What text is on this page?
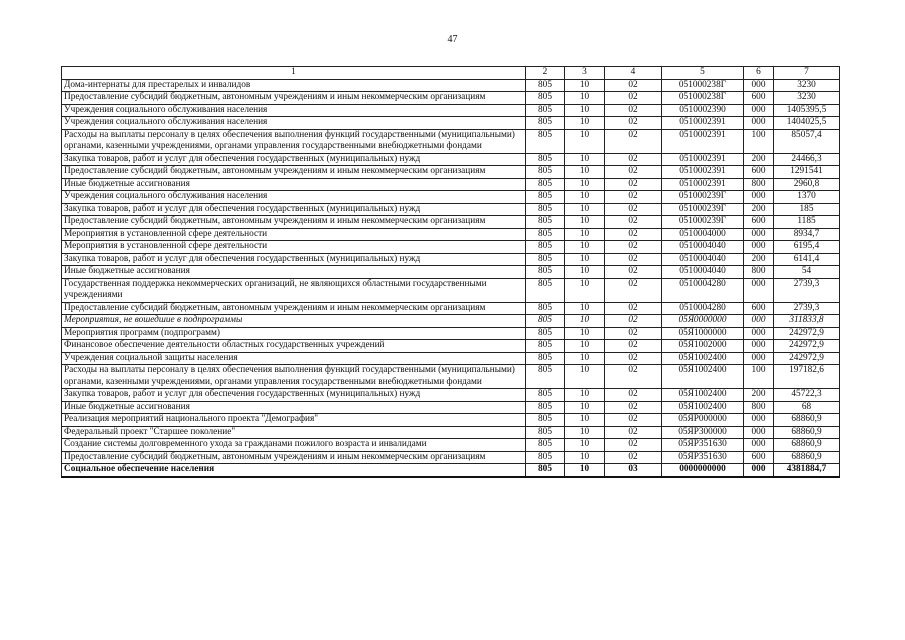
47
1	2	3	4	5	6	7
Дома-интернаты для престарелых и инвалидов	805	10	02	051000238Г	000	3230
Предоставление субсидий бюджетным, автономным учреждениям и иным некоммерческим организациям	805	10	02	051000238Г	600	3230
Учреждения социального обслуживания населения	805	10	02	0510002390	000	1405395,5
Учреждения социального обслуживания населения	805	10	02	0510002391	000	1404025,5
Расходы на выплаты персоналу в целях обеспечения выполнения функций государственными (муниципальными) органами, казенными учреждениями, органами управления государственными внебюджетными фондами	805	10	02	0510002391	100	85057,4
Закупка товаров, работ и услуг для обеспечения государственных (муниципальных) нужд	805	10	02	0510002391	200	24466,3
Предоставление субсидий бюджетным, автономным учреждениям и иным некоммерческим организациям	805	10	02	0510002391	600	1291541
Иные бюджетные ассигнования	805	10	02	0510002391	800	2960,8
Учреждения социального обслуживания населения	805	10	02	051000239Г	000	1370
Закупка товаров, работ и услуг для обеспечения государственных (муниципальных) нужд	805	10	02	051000239Г	200	185
Предоставление субсидий бюджетным, автономным учреждениям и иным некоммерческим организациям	805	10	02	051000239Г	600	1185
Мероприятия в установленной сфере деятельности	805	10	02	0510004000	000	8934,7
Мероприятия в установленной сфере деятельности	805	10	02	0510004040	000	6195,4
Закупка товаров, работ и услуг для обеспечения государственных (муниципальных) нужд	805	10	02	0510004040	200	6141,4
Иные бюджетные ассигнования	805	10	02	0510004040	800	54
Государственная поддержка некоммерческих организаций, не являющихся областными государственными учреждениями	805	10	02	0510004280	000	2739,3
Предоставление субсидий бюджетным, автономным учреждениям и иным некоммерческим организациям	805	10	02	0510004280	600	2739,3
Мероприятия, не вошедшие в подпрограммы	805	10	02	05Я0000000	000	311833,8
Мероприятия программ (подпрограмм)	805	10	02	05Я1000000	000	242972,9
Финансовое обеспечение деятельности областных государственных учреждений	805	10	02	05Я1002000	000	242972,9
Учреждения социальной защиты населения	805	10	02	05Я1002400	000	242972,9
Расходы на выплаты персоналу в целях обеспечения выполнения функций государственными (муниципальными) органами, казенными учреждениями, органами управления государственными внебюджетными фондами	805	10	02	05Я1002400	100	197182,6
Закупка товаров, работ и услуг для обеспечения государственных (муниципальных) нужд	805	10	02	05Я1002400	200	45722,3
Иные бюджетные ассигнования	805	10	02	05Я1002400	800	68
Реализация мероприятий национального проекта "Демография"	805	10	02	05ЯР000000	000	68860,9
Федеральный проект "Старшее поколение"	805	10	02	05ЯР300000	000	68860,9
Создание системы долговременного ухода за гражданами пожилого возраста и инвалидами	805	10	02	05ЯР351630	000	68860,9
Предоставление субсидий бюджетным, автономным учреждениям и иным некоммерческим организациям	805	10	02	05ЯР351630	600	68860,9
Социальное обеспечение населения	805	10	03	0000000000	000	4381884,7
